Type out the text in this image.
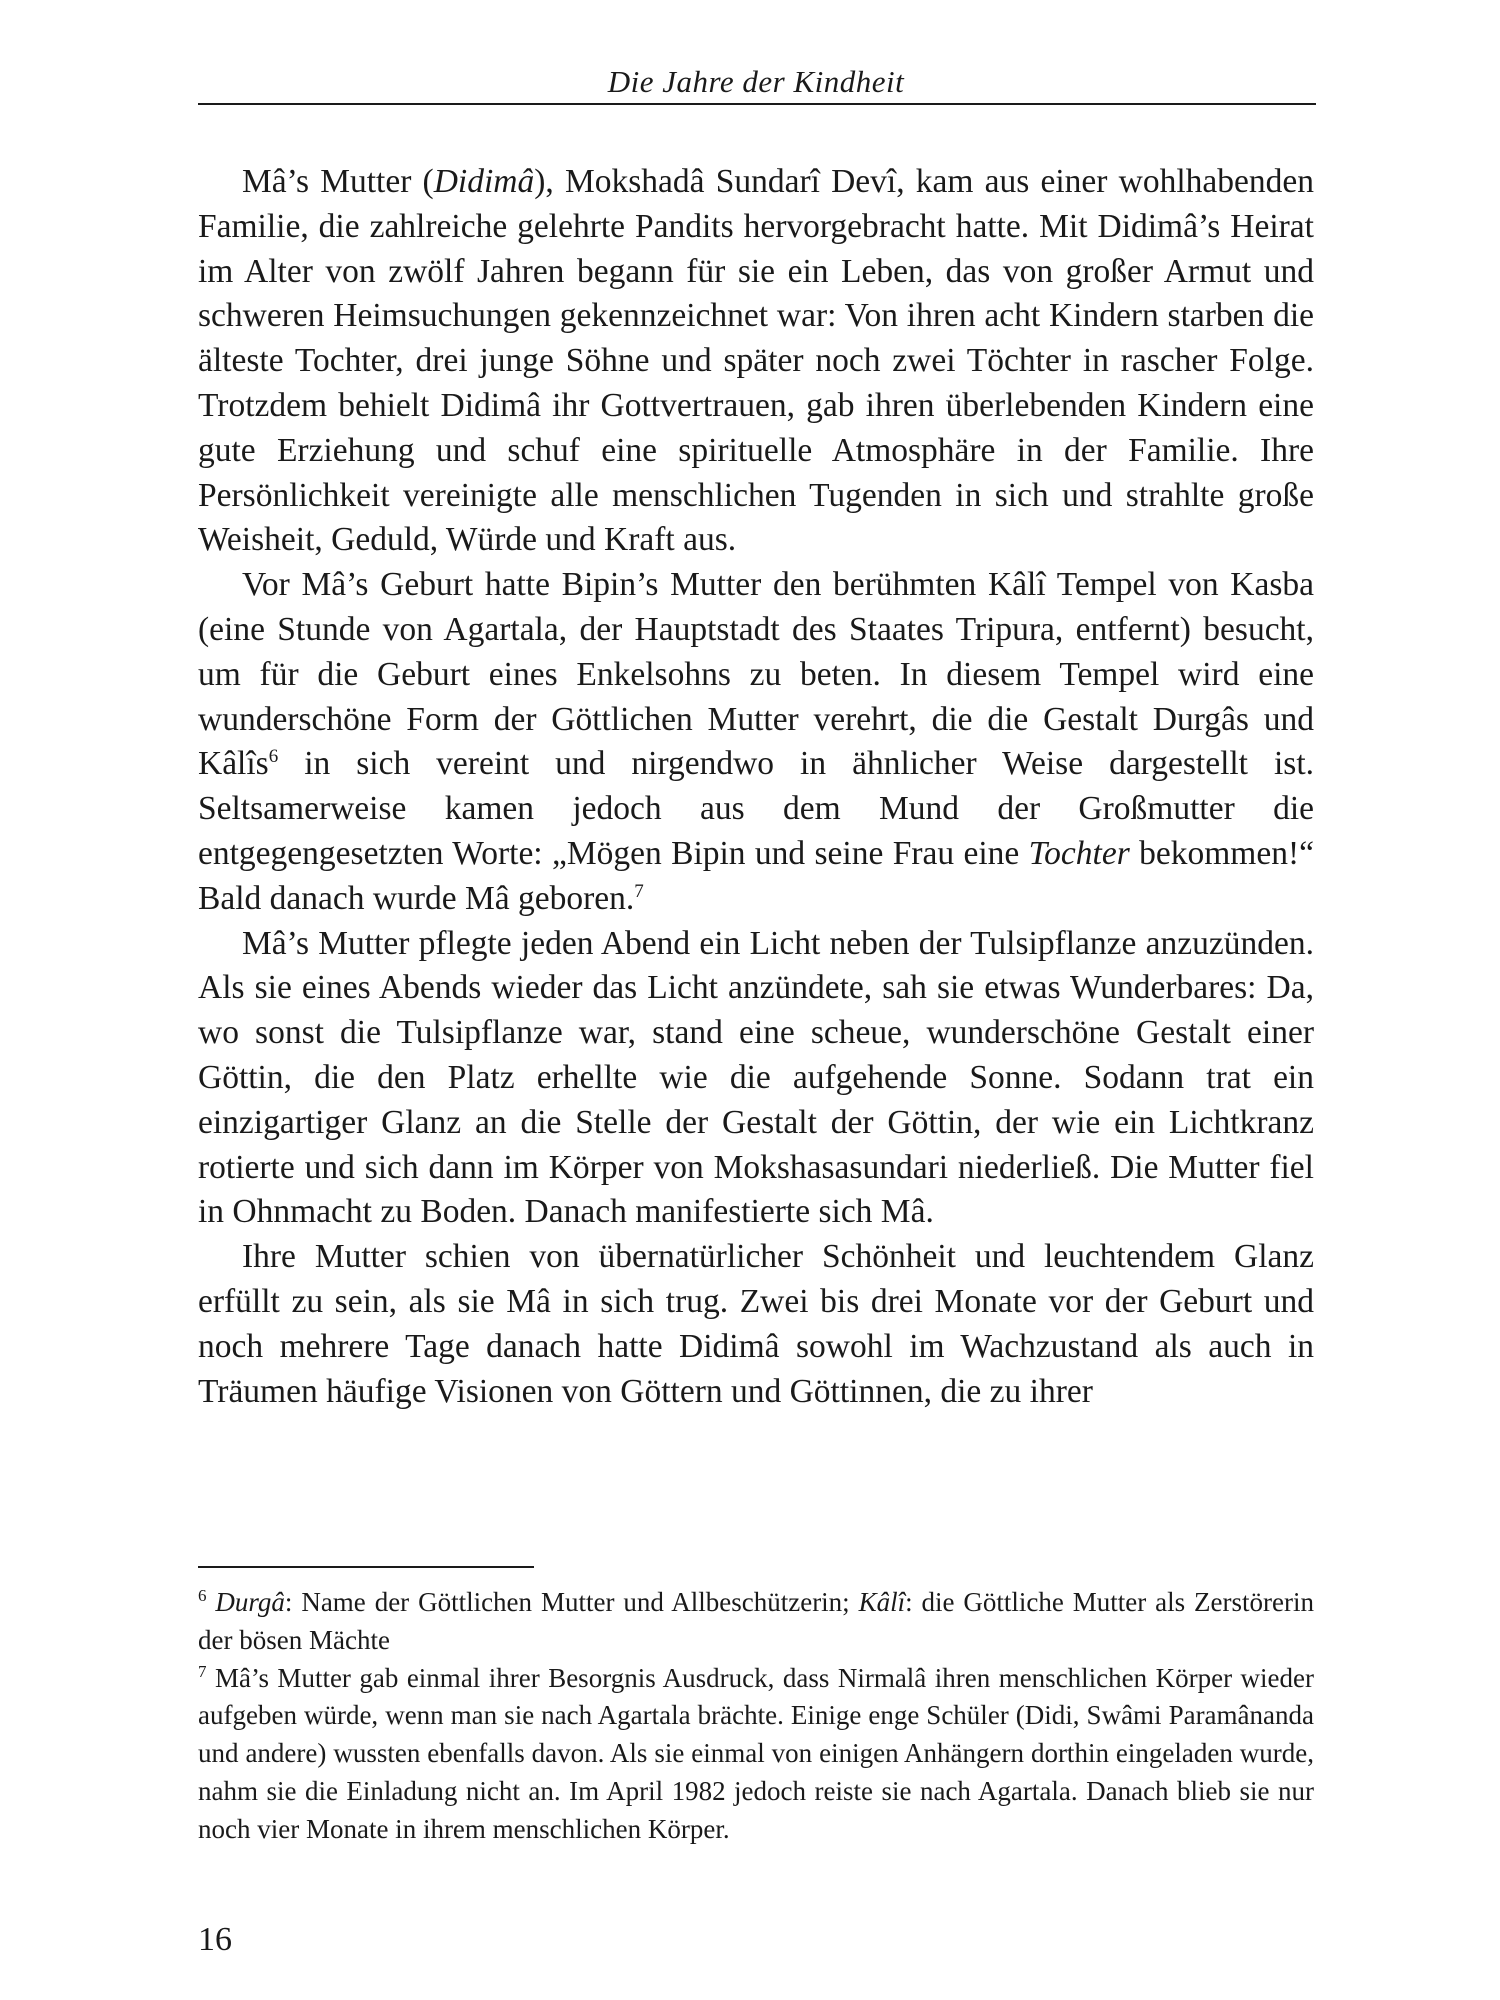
Die Jahre der Kindheit

Mâ’s Mutter (Didimâ), Mokshadâ Sundarî Devî, kam aus einer wohlhabenden Familie, die zahlreiche gelehrte Pandits hervorgebracht hatte. Mit Didimâ’s Heirat im Alter von zwölf Jahren begann für sie ein Leben, das von großer Armut und schweren Heimsuchungen gekennzeichnet war: Von ihren acht Kindern starben die älteste Tochter, drei junge Söhne und später noch zwei Töchter in rascher Folge. Trotzdem behielt Didimâ ihr Gottvertrauen, gab ihren überlebenden Kindern eine gute Erziehung und schuf eine spirituelle Atmosphäre in der Familie. Ihre Persönlichkeit vereinigte alle menschlichen Tugenden in sich und strahlte große Weisheit, Geduld, Würde und Kraft aus.

Vor Mâ’s Geburt hatte Bipin’s Mutter den berühmten Kâlî Tempel von Kasba (eine Stunde von Agartala, der Hauptstadt des Staates Tripura, entfernt) besucht, um für die Geburt eines Enkelsohns zu beten. In diesem Tempel wird eine wunderschöne Form der Göttlichen Mutter verehrt, die die Gestalt Durgâs und Kâlîs$^6$ in sich vereint und nirgendwo in ähnlicher Weise dargestellt ist. Seltsamerweise kamen jedoch aus dem Mund der Großmutter die entgegengesetzten Worte: „Mögen Bipin und seine Frau eine Tochter bekommen!“ Bald danach wurde Mâ geboren.$^7$

Mâ’s Mutter pflegte jeden Abend ein Licht neben der Tulsipflanze anzuzünden. Als sie eines Abends wieder das Licht anzündete, sah sie etwas Wunderbares: Da, wo sonst die Tulsipflanze war, stand eine scheue, wunderschöne Gestalt einer Göttin, die den Platz erhellte wie die aufgehende Sonne. Sodann trat ein einzigartiger Glanz an die Stelle der Gestalt der Göttin, der wie ein Lichtkranz rotierte und sich dann im Körper von Mokshasasundari niederließ. Die Mutter fiel in Ohnmacht zu Boden. Danach manifestierte sich Mâ.

Ihre Mutter schien von übernatürlicher Schönheit und leuchtendem Glanz erfüllt zu sein, als sie Mâ in sich trug. Zwei bis drei Monate vor der Geburt und noch mehrere Tage danach hatte Didimâ sowohl im Wachzustand als auch in Träumen häufige Visionen von Göttern und Göttinnen, die zu ihrer

$^6$ Durgâ: Name der Göttlichen Mutter und Allbeschützerin; Kâlî: die Göttliche Mutter als Zerstörerin der bösen Mächte

$^7$ Mâ’s Mutter gab einmal ihrer Besorgnis Ausdruck, dass Nirmalâ ihren menschlichen Körper wieder aufgeben würde, wenn man sie nach Agartala brächte. Einige enge Schüler (Didi, Swâmi Paramânanda und andere) wussten ebenfalls davon. Als sie einmal von einigen Anhängern dorthin eingeladen wurde, nahm sie die Einladung nicht an. Im April 1982 jedoch reiste sie nach Agartala. Danach blieb sie nur noch vier Monate in ihrem menschlichen Körper.

16
